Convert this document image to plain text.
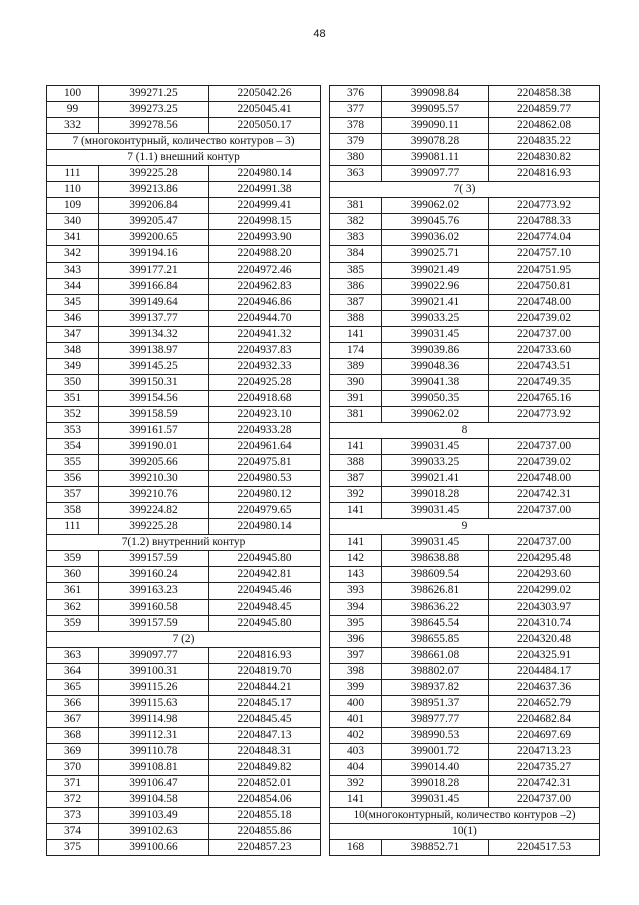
48
100	399271.25	2205042.26
99	399273.25	2205045.41
332	399278.56	2205050.17
7 (многоконтурный, количество контуров – 3)		
7 (1.1) внешний контур		
111	399225.28	2204980.14
110	399213.86	2204991.38
109	399206.84	2204999.41
340	399205.47	2204998.15
341	399200.65	2204993.90
342	399194.16	2204988.20
343	399177.21	2204972.46
344	399166.84	2204962.83
345	399149.64	2204946.86
346	399137.77	2204944.70
347	399134.32	2204941.32
348	399138.97	2204937.83
349	399145.25	2204932.33
350	399150.31	2204925.28
351	399154.56	2204918.68
352	399158.59	2204923.10
353	399161.57	2204933.28
354	399190.01	2204961.64
355	399205.66	2204975.81
356	399210.30	2204980.53
357	399210.76	2204980.12
358	399224.82	2204979.65
111	399225.28	2204980.14
7(1.2) внутренний контур		
359	399157.59	2204945.80
360	399160.24	2204942.81
361	399163.23	2204945.46
362	399160.58	2204948.45
359	399157.59	2204945.80
7 (2)		
363	399097.77	2204816.93
364	399100.31	2204819.70
365	399115.26	2204844.21
366	399115.63	2204845.17
367	399114.98	2204845.45
368	399112.31	2204847.13
369	399110.78	2204848.31
370	399108.81	2204849.82
371	399106.47	2204852.01
372	399104.58	2204854.06
373	399103.49	2204855.18
374	399102.63	2204855.86
375	399100.66	2204857.23
376	399098.84	2204858.38
377	399095.57	2204859.77
378	399090.11	2204862.08
379	399078.28	2204835.22
380	399081.11	2204830.82
363	399097.77	2204816.93
7( 3)		
381	399062.02	2204773.92
382	399045.76	2204788.33
383	399036.02	2204774.04
384	399025.71	2204757.10
385	399021.49	2204751.95
386	399022.96	2204750.81
387	399021.41	2204748.00
388	399033.25	2204739.02
141	399031.45	2204737.00
174	399039.86	2204733.60
389	399048.36	2204743.51
390	399041.38	2204749.35
391	399050.35	2204765.16
381	399062.02	2204773.92
8		
141	399031.45	2204737.00
388	399033.25	2204739.02
387	399021.41	2204748.00
392	399018.28	2204742.31
141	399031.45	2204737.00
9		
141	399031.45	2204737.00
142	398638.88	2204295.48
143	398609.54	2204293.60
393	398626.81	2204299.02
394	398636.22	2204303.97
395	398645.54	2204310.74
396	398655.85	2204320.48
397	398661.08	2204325.91
398	398802.07	2204484.17
399	398937.82	2204637.36
400	398951.37	2204652.79
401	398977.77	2204682.84
402	398990.53	2204697.69
403	399001.72	2204713.23
404	399014.40	2204735.27
392	399018.28	2204742.31
141	399031.45	2204737.00
10(многоконтурный, количество контуров –2)		
10(1)		
168	398852.71	2204517.53
